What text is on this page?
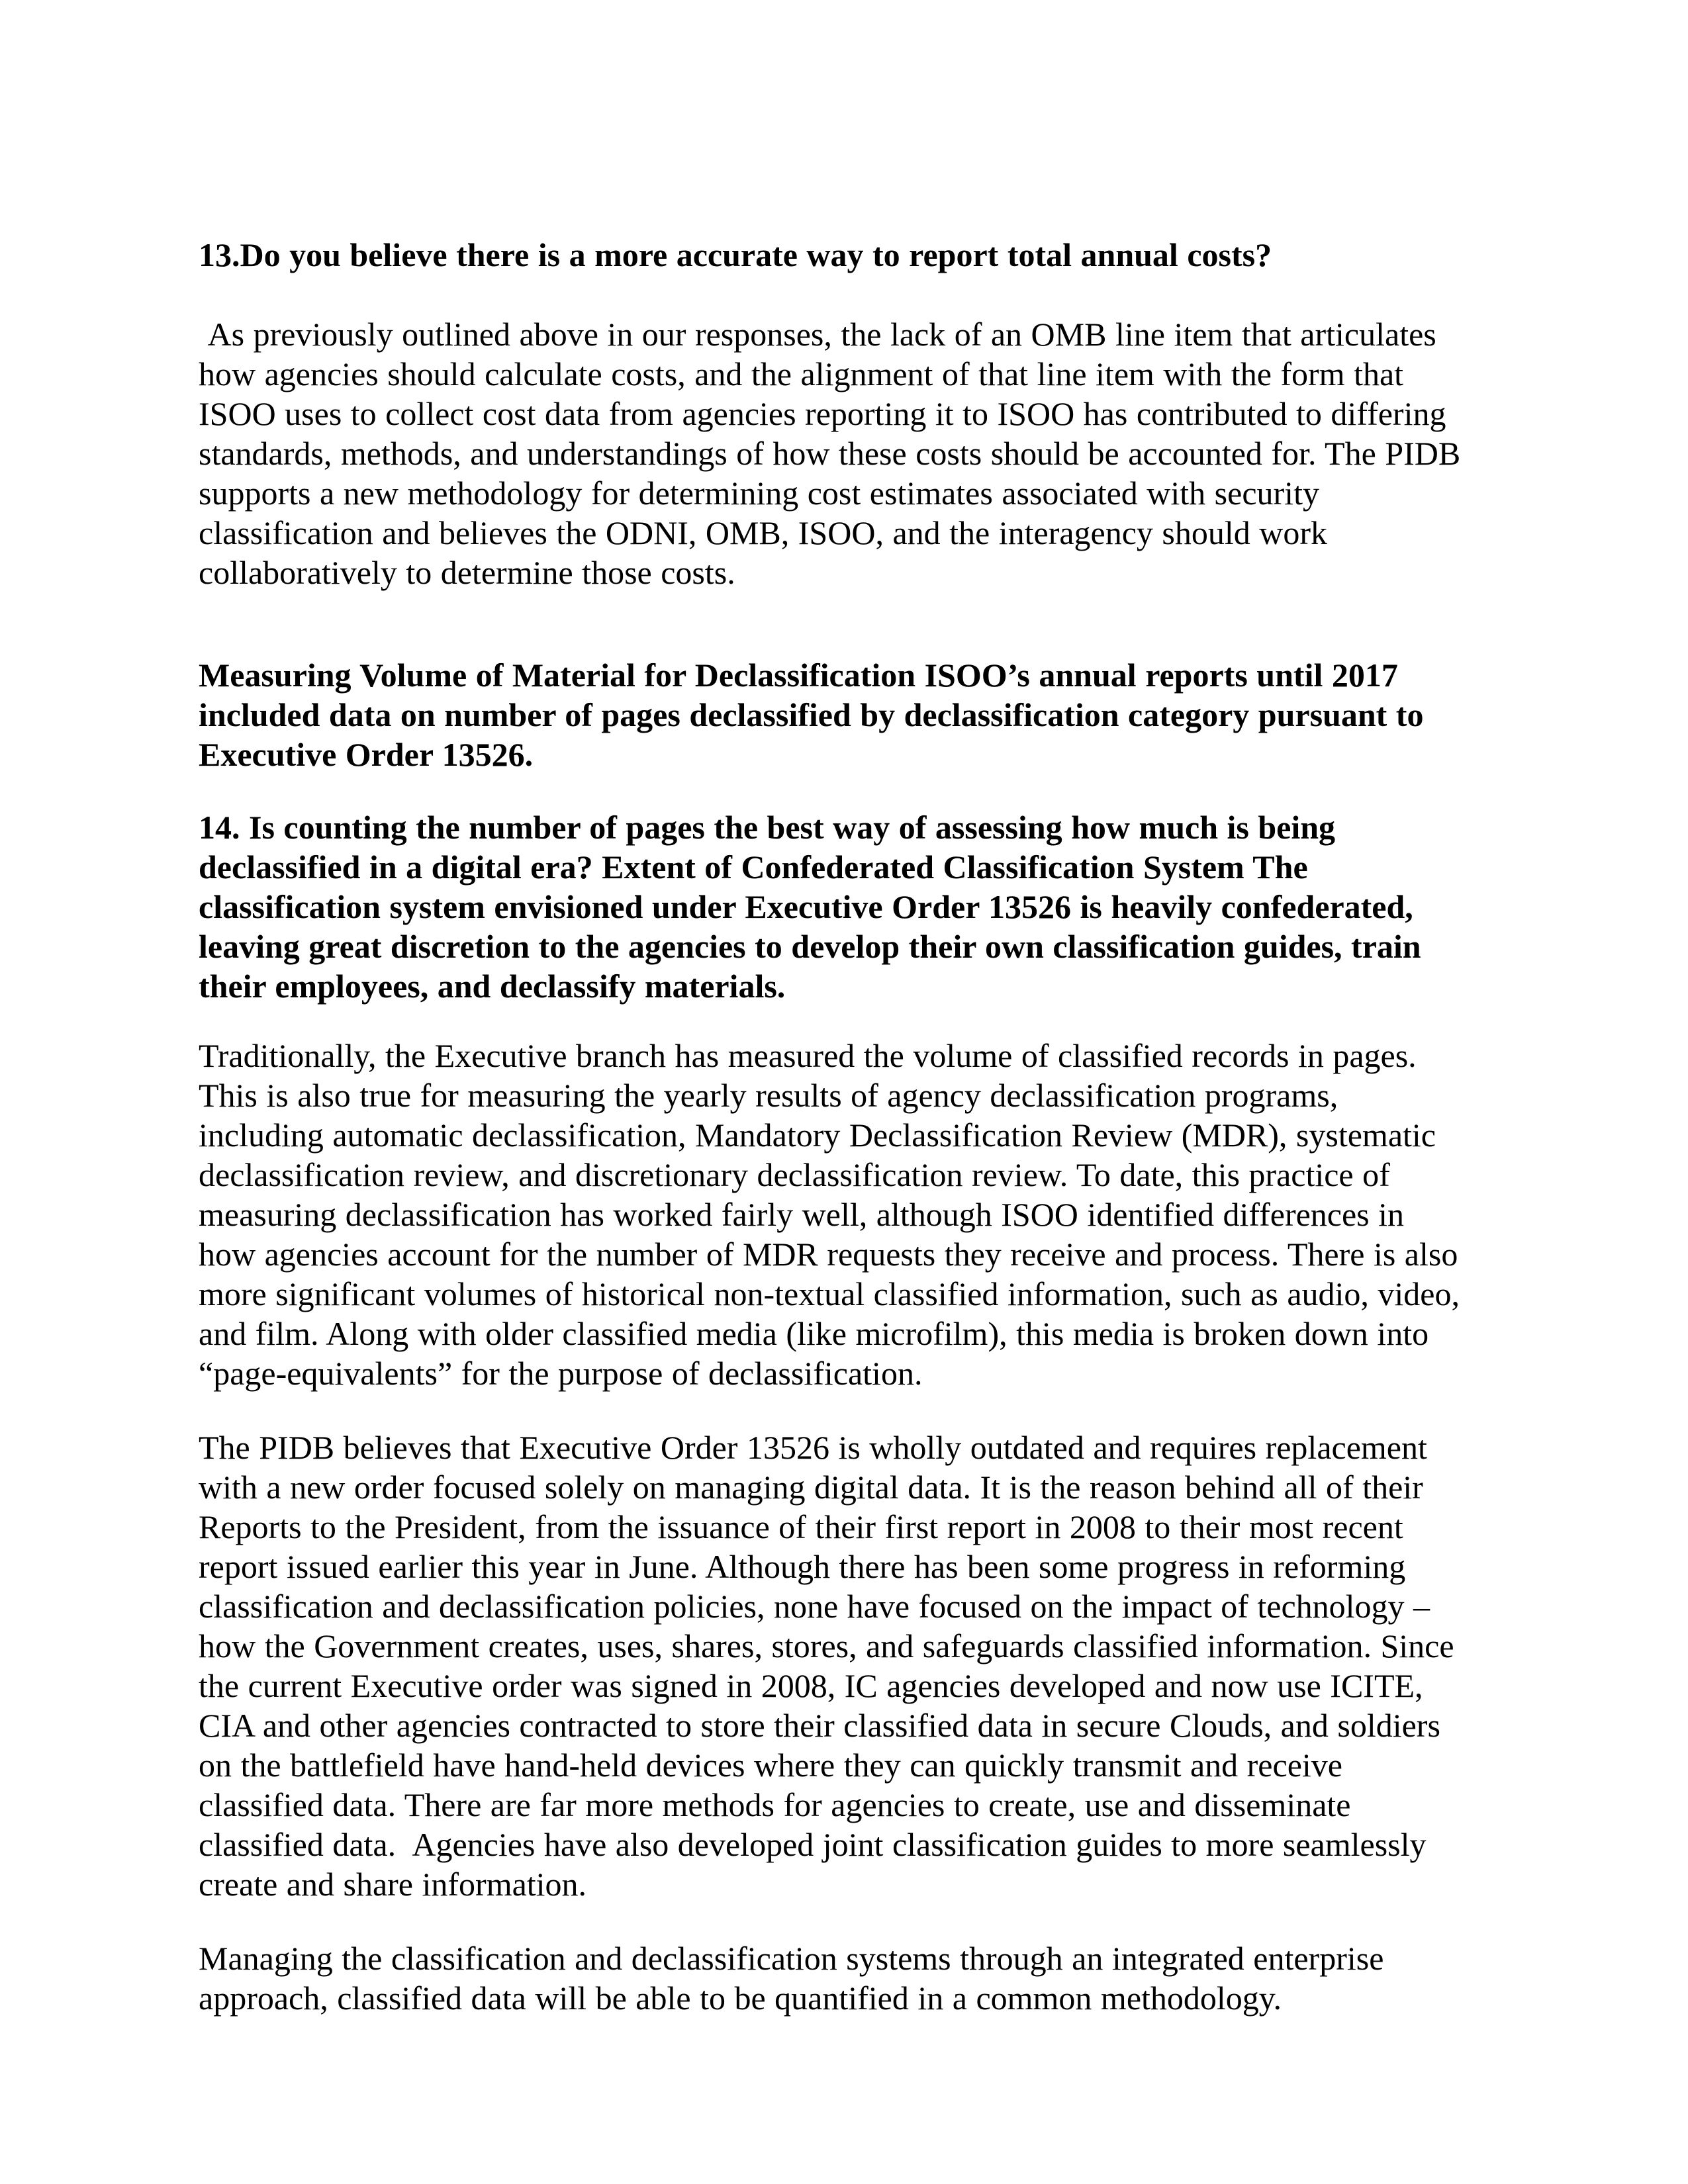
13.Do you believe there is a more accurate way to report total annual costs?

As previously outlined above in our responses, the lack of an OMB line item that articulates how agencies should calculate costs, and the alignment of that line item with the form that ISOO uses to collect cost data from agencies reporting it to ISOO has contributed to differing standards, methods, and understandings of how these costs should be accounted for. The PIDB supports a new methodology for determining cost estimates associated with security classification and believes the ODNI, OMB, ISOO, and the interagency should work collaboratively to determine those costs.

Measuring Volume of Material for Declassification ISOO’s annual reports until 2017 included data on number of pages declassified by declassification category pursuant to Executive Order 13526.

14. Is counting the number of pages the best way of assessing how much is being declassified in a digital era? Extent of Confederated Classification System The classification system envisioned under Executive Order 13526 is heavily confederated, leaving great discretion to the agencies to develop their own classification guides, train their employees, and declassify materials.

Traditionally, the Executive branch has measured the volume of classified records in pages.  This is also true for measuring the yearly results of agency declassification programs, including automatic declassification, Mandatory Declassification Review (MDR), systematic declassification review, and discretionary declassification review. To date, this practice of measuring declassification has worked fairly well, although ISOO identified differences in how agencies account for the number of MDR requests they receive and process. There is also more significant volumes of historical non-textual classified information, such as audio, video, and film. Along with older classified media (like microfilm), this media is broken down into “page-equivalents” for the purpose of declassification.

The PIDB believes that Executive Order 13526 is wholly outdated and requires replacement with a new order focused solely on managing digital data. It is the reason behind all of their Reports to the President, from the issuance of their first report in 2008 to their most recent report issued earlier this year in June. Although there has been some progress in reforming classification and declassification policies, none have focused on the impact of technology – how the Government creates, uses, shares, stores, and safeguards classified information. Since the current Executive order was signed in 2008, IC agencies developed and now use ICITE, CIA and other agencies contracted to store their classified data in secure Clouds, and soldiers on the battlefield have hand-held devices where they can quickly transmit and receive classified data. There are far more methods for agencies to create, use and disseminate classified data.  Agencies have also developed joint classification guides to more seamlessly create and share information.

Managing the classification and declassification systems through an integrated enterprise approach, classified data will be able to be quantified in a common methodology.
